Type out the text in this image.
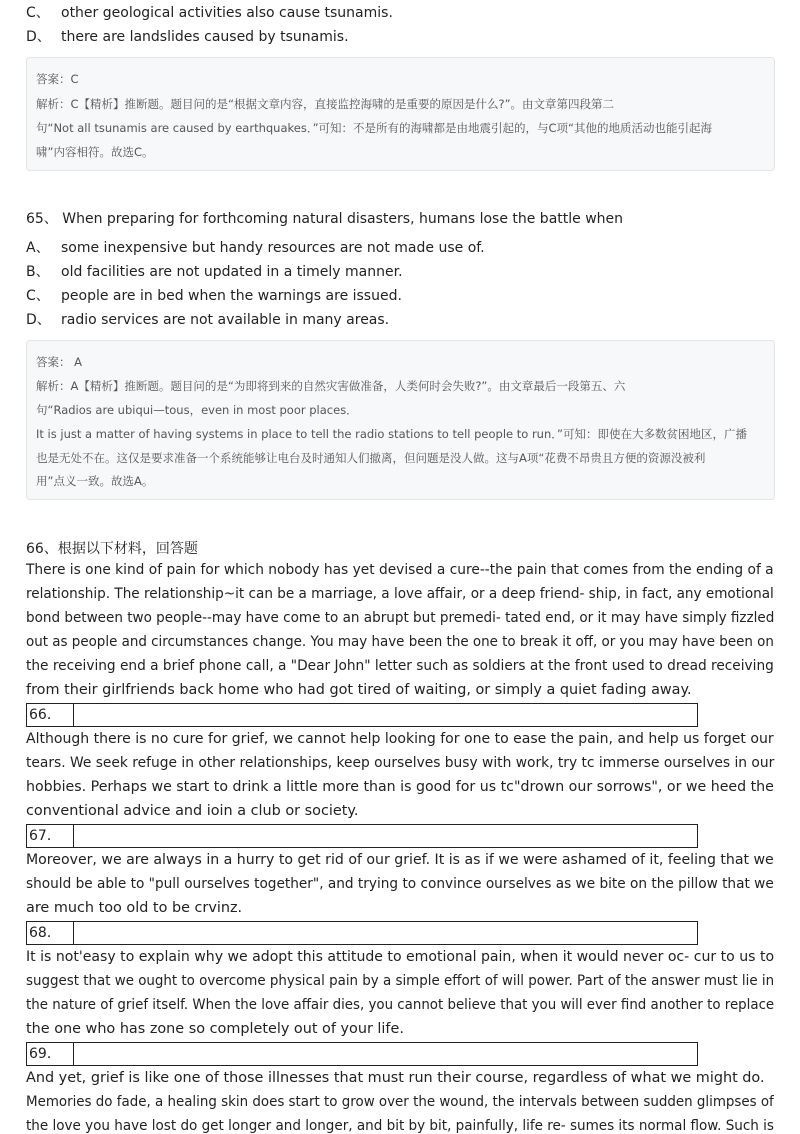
C、 other geological activities also cause tsunamis.
D、 there are landslides caused by tsunamis.
答案：C
解析：C【精析】推断题。题目问的是“根据文章内容，直接监控海啸的是重要的原因是什么?”。由文章第四段第二
句“Not all tsunamis are caused by earthquakes．”可知：不是所有的海啸都是由地震引起的，与C项“其他的地质活动也能引起海
啸”内容相符。故选C。
65、 When preparing for forthcoming natural disasters, humans lose the battle when
A、 some inexpensive but handy resources are not made use of.
B、 old facilities are not updated in a timely manner.
C、 people are in bed when the warnings are issued.
D、 radio services are not available in many areas.
答案： A
解析：A【精析】推断题。题目问的是“为即将到来的自然灾害做准备，人类何时会失败?”。由文章最后一段第五、六
句“Radios are ubiqui—tous，even in most poor places．
It is just a matter of having systems in place to tell the radio stations to tell people to run．”可知：即使在大多数贫困地区，广播
也是无处不在。这仅是要求准备一个系统能够让电台及时通知人们撤离，但问题是没人做。这与A项“花费不昂贵且方便的资源没被利
用”点义一致。故选A。
66、根据以下材料，回答题
There is one kind of pain for which nobody has yet devised a cure--the pain that comes from the ending of a
relationship. The relationship~it can be a marriage, a love affair, or a deep friend- ship, in fact, any emotional
bond between two people--may have come to an abrupt but premedi- tated end, or it may have simply fizzled
out as people and circumstances change. You may have been the one to break it off, or you may have been on
the receiving end a brief phone call, a "Dear John" letter such as soldiers at the front used to dread receiving
from their girlfriends back home who had got tired of waiting, or simply a quiet fading away.
66．
Although there is no cure for grief, we cannot help looking for one to ease the pain, and help us forget our
tears. We seek refuge in other relationships, keep ourselves busy with work, try tc immerse ourselves in our
hobbies. Perhaps we start to drink a little more than is good for us tc"drown our sorrows", or we heed the
conventional advice and ioin a club or society.
67．
Moreover, we are always in a hurry to get rid of our grief. It is as if we were ashamed of it, feeling that we
should be able to "pull ourselves together", and trying to convince ourselves as we bite on the pillow that we
are much too old to be crvinz.
68．
It is not'easy to explain why we adopt this attitude to emotional pain, when it would never oc- cur to us to
suggest that we ought to overcome physical pain by a simple effort of will power. Part of the answer must lie in
the nature of grief itself. When the love affair dies, you cannot believe that you will ever find another to replace
the one who has zone so completely out of your life.
69．
And yet, grief is like one of those illnesses that must run their course, regardless of what we might do.
Memories do fade, a healing skin does start to grow over the wound, the intervals between sudden glimpses of
the love you have lost do get longer and longer, and bit by bit, painfully, life re- sumes its normal flow. Such is
